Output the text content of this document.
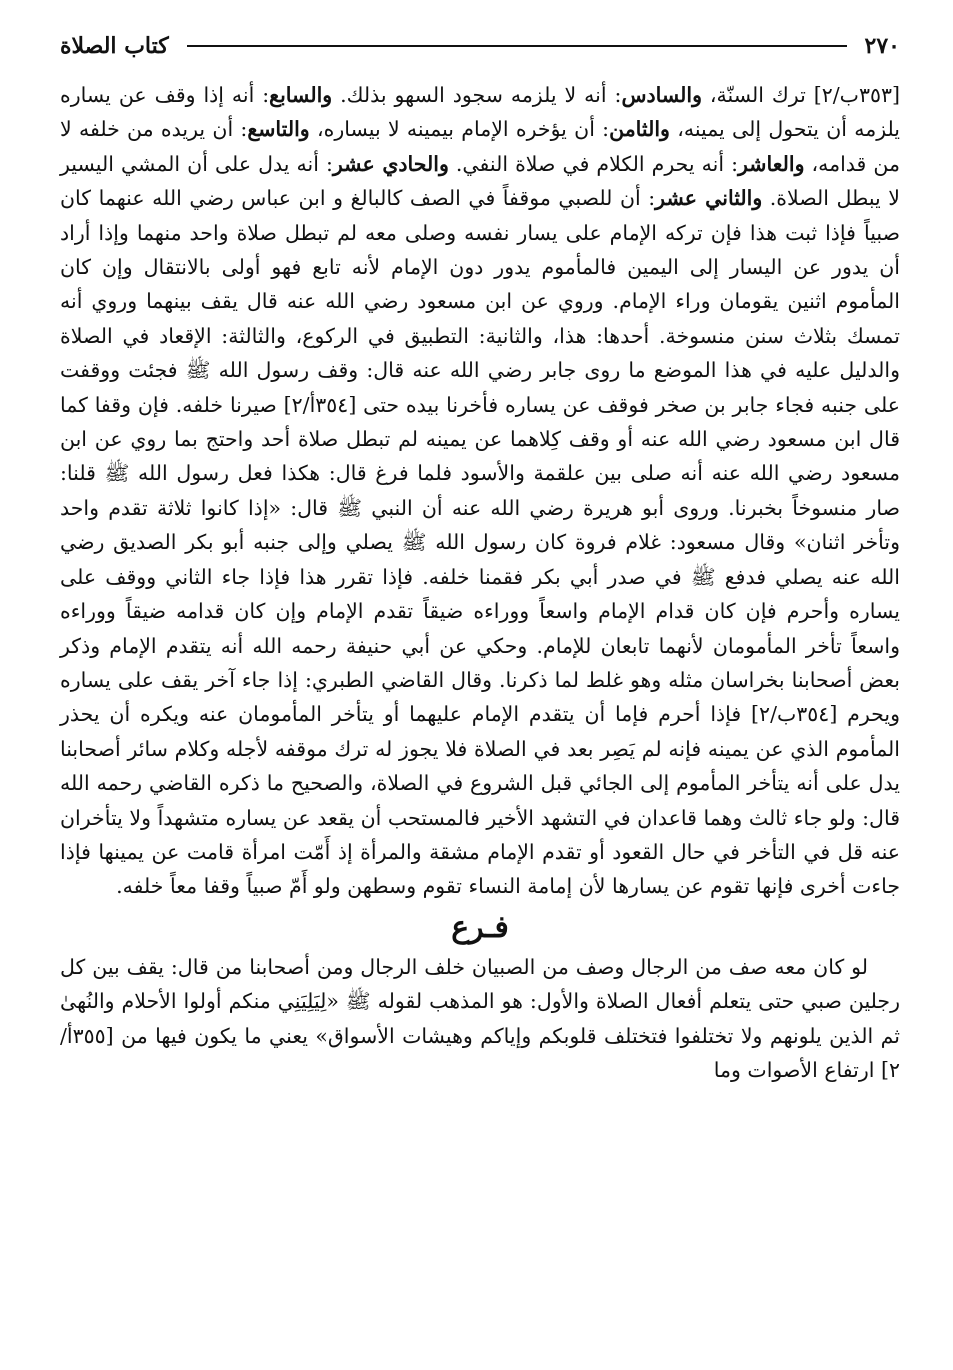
٢٧٠
كتاب الصلاة

[٣٥٣ب/٢] ترك السنّة، والسادس: أنه لا يلزمه سجود السهو بذلك. والسابع: أنه إذا وقف عن يساره يلزمه أن يتحول إلى يمينه، والثامن: أن يؤخره الإمام بيمينه لا بيساره، والتاسع: أن يريده من خلفه لا من قدامه، والعاشر: أنه يحرم الكلام في صلاة النفي. والحادي عشر: أنه يدل على أن المشي اليسير لا يبطل الصلاة. والثاني عشر: أن للصبي موقفاً في الصف كالبالغ و ابن عباس رضي الله عنهما كان صبياً فإذا ثبت هذا فإن تركه الإمام على يسار نفسه وصلى معه لم تبطل صلاة واحد منهما وإذا أراد أن يدور عن اليسار إلى اليمين فالمأموم يدور دون الإمام لأنه تابع فهو أولى بالانتقال وإن كان المأموم اثنين يقومان وراء الإمام. وروي عن ابن مسعود رضي الله عنه قال يقف بينهما وروي أنه تمسك بثلاث سنن منسوخة. أحدها: هذا، والثانية: التطبيق في الركوع، والثالثة: الإقعاد في الصلاة والدليل عليه في هذا الموضع ما روى جابر رضي الله عنه قال: وقف رسول الله ﷺ فجئت ووقفت على جنبه فجاء جابر بن صخر فوقف عن يساره فأخرنا بيده حتى [٣٥٤أ/٢] صيرنا خلفه. فإن وقفا كما قال ابن مسعود رضي الله عنه أو وقف كِلاهما عن يمينه لم تبطل صلاة أحد واحتج بما روي عن ابن مسعود رضي الله عنه أنه صلى بين علقمة والأسود فلما فرغ قال: هكذا فعل رسول الله ﷺ قلنا: صار منسوخاً بخبرنا. وروى أبو هريرة رضي الله عنه أن النبي ﷺ قال: «إذا كانوا ثلاثة تقدم واحد وتأخر اثنان» وقال مسعود: غلام فروة كان رسول الله ﷺ يصلي وإلى جنبه أبو بكر الصديق رضي الله عنه يصلي فدفع ﷺ في صدر أبي بكر فقمنا خلفه. فإذا تقرر هذا فإذا جاء الثاني ووقف على يساره وأحرم فإن كان قدام الإمام واسعاً ووراءه ضيقاً تقدم الإمام وإن كان قدامه ضيقاً ووراءه واسعاً تأخر المأمومان لأنهما تابعان للإمام. وحكي عن أبي حنيفة رحمه الله أنه يتقدم الإمام وذكر بعض أصحابنا بخراسان مثله وهو غلط لما ذكرنا. وقال القاضي الطبري: إذا جاء آخر يقف على يساره ويحرم [٣٥٤ب/٢] فإذا أحرم فإما أن يتقدم الإمام عليهما أو يتأخر المأمومان عنه ويكره أن يحذر المأموم الذي عن يمينه فإنه لم يَصِر بعد في الصلاة فلا يجوز له ترك موقفه لأجله وكلام سائر أصحابنا يدل على أنه يتأخر المأموم إلى الجائي قبل الشروع في الصلاة، والصحيح ما ذكره القاضي رحمه الله قال: ولو جاء ثالث وهما قاعدان في التشهد الأخير فالمستحب أن يقعد عن يساره متشهداً ولا يتأخران عنه قل في التأخر في حال القعود أو تقدم الإمام مشقة والمرأة إذ أَمّت امرأة قامت عن يمينها فإذا جاءت أخرى فإنها تقوم عن يسارها لأن إمامة النساء تقوم وسطهن ولو أَمّ صبياً وقفا معاً خلفه.

فـرع

لو كان معه صف من الرجال وصف من الصبيان خلف الرجال ومن أصحابنا من قال: يقف بين كل رجلين صبي حتى يتعلم أفعال الصلاة والأول: هو المذهب لقوله ﷺ «لِيَلِيَنِي منكم أولوا الأحلام والنُهىٰ ثم الذين يلونهم ولا تختلفوا فتختلف قلوبكم وإياكم وهيشات الأسواق» يعني ما يكون فيها من [٣٥٥أ/٢] ارتفاع الأصوات وما
